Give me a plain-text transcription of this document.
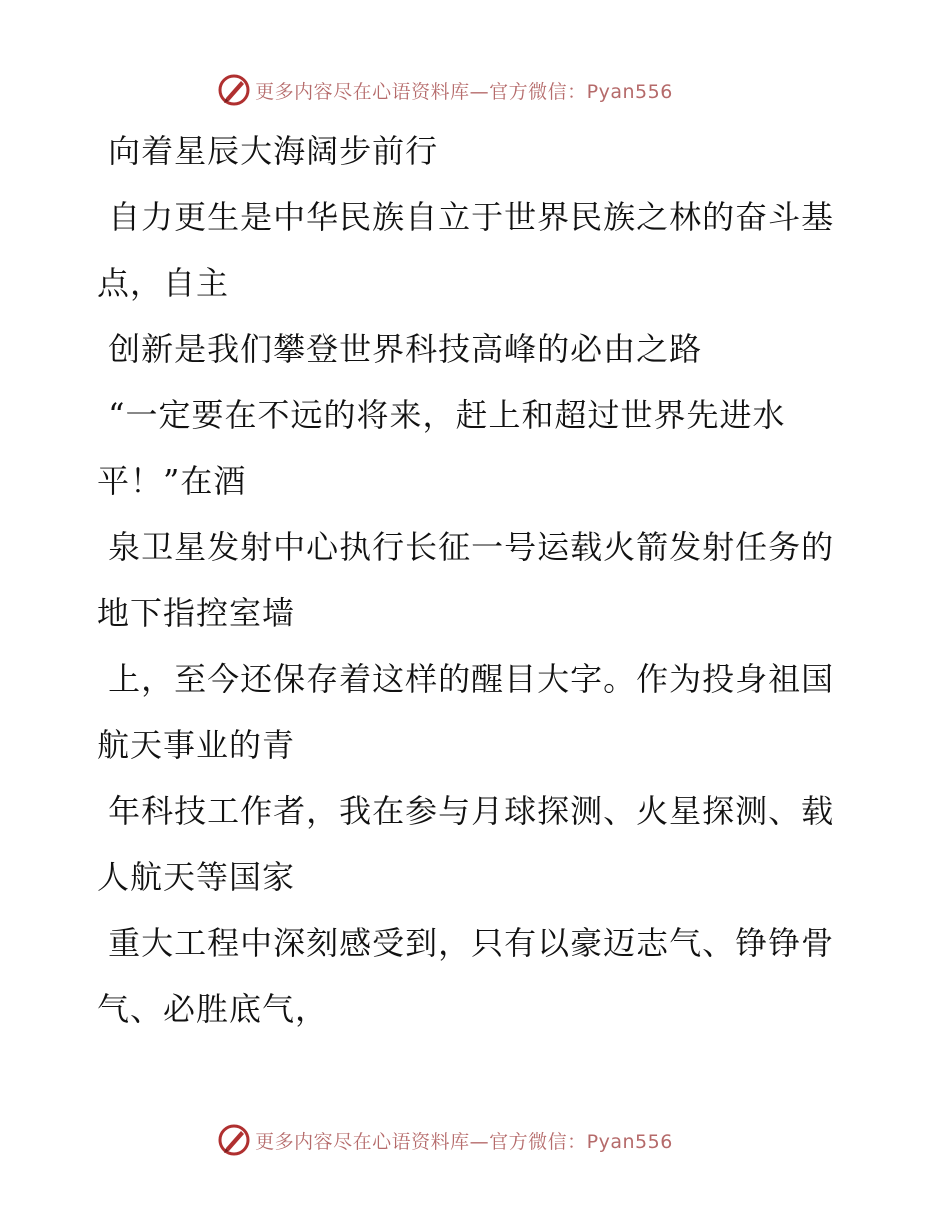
更多内容尽在心语资料库—官方微信：Pyan556

向着星辰大海阔步前行

自力更生是中华民族自立于世界民族之林的奋斗基点，自主

创新是我们攀登世界科技高峰的必由之路

“一定要在不远的将来，赶上和超过世界先进水平！”在酒

泉卫星发射中心执行长征一号运载火箭发射任务的地下指控室墙

上，至今还保存着这样的醒目大字。作为投身祖国航天事业的青

年科技工作者，我在参与月球探测、火星探测、载人航天等国家

重大工程中深刻感受到，只有以豪迈志气、铮铮骨气、必胜底气，

更多内容尽在心语资料库—官方微信：Pyan556
